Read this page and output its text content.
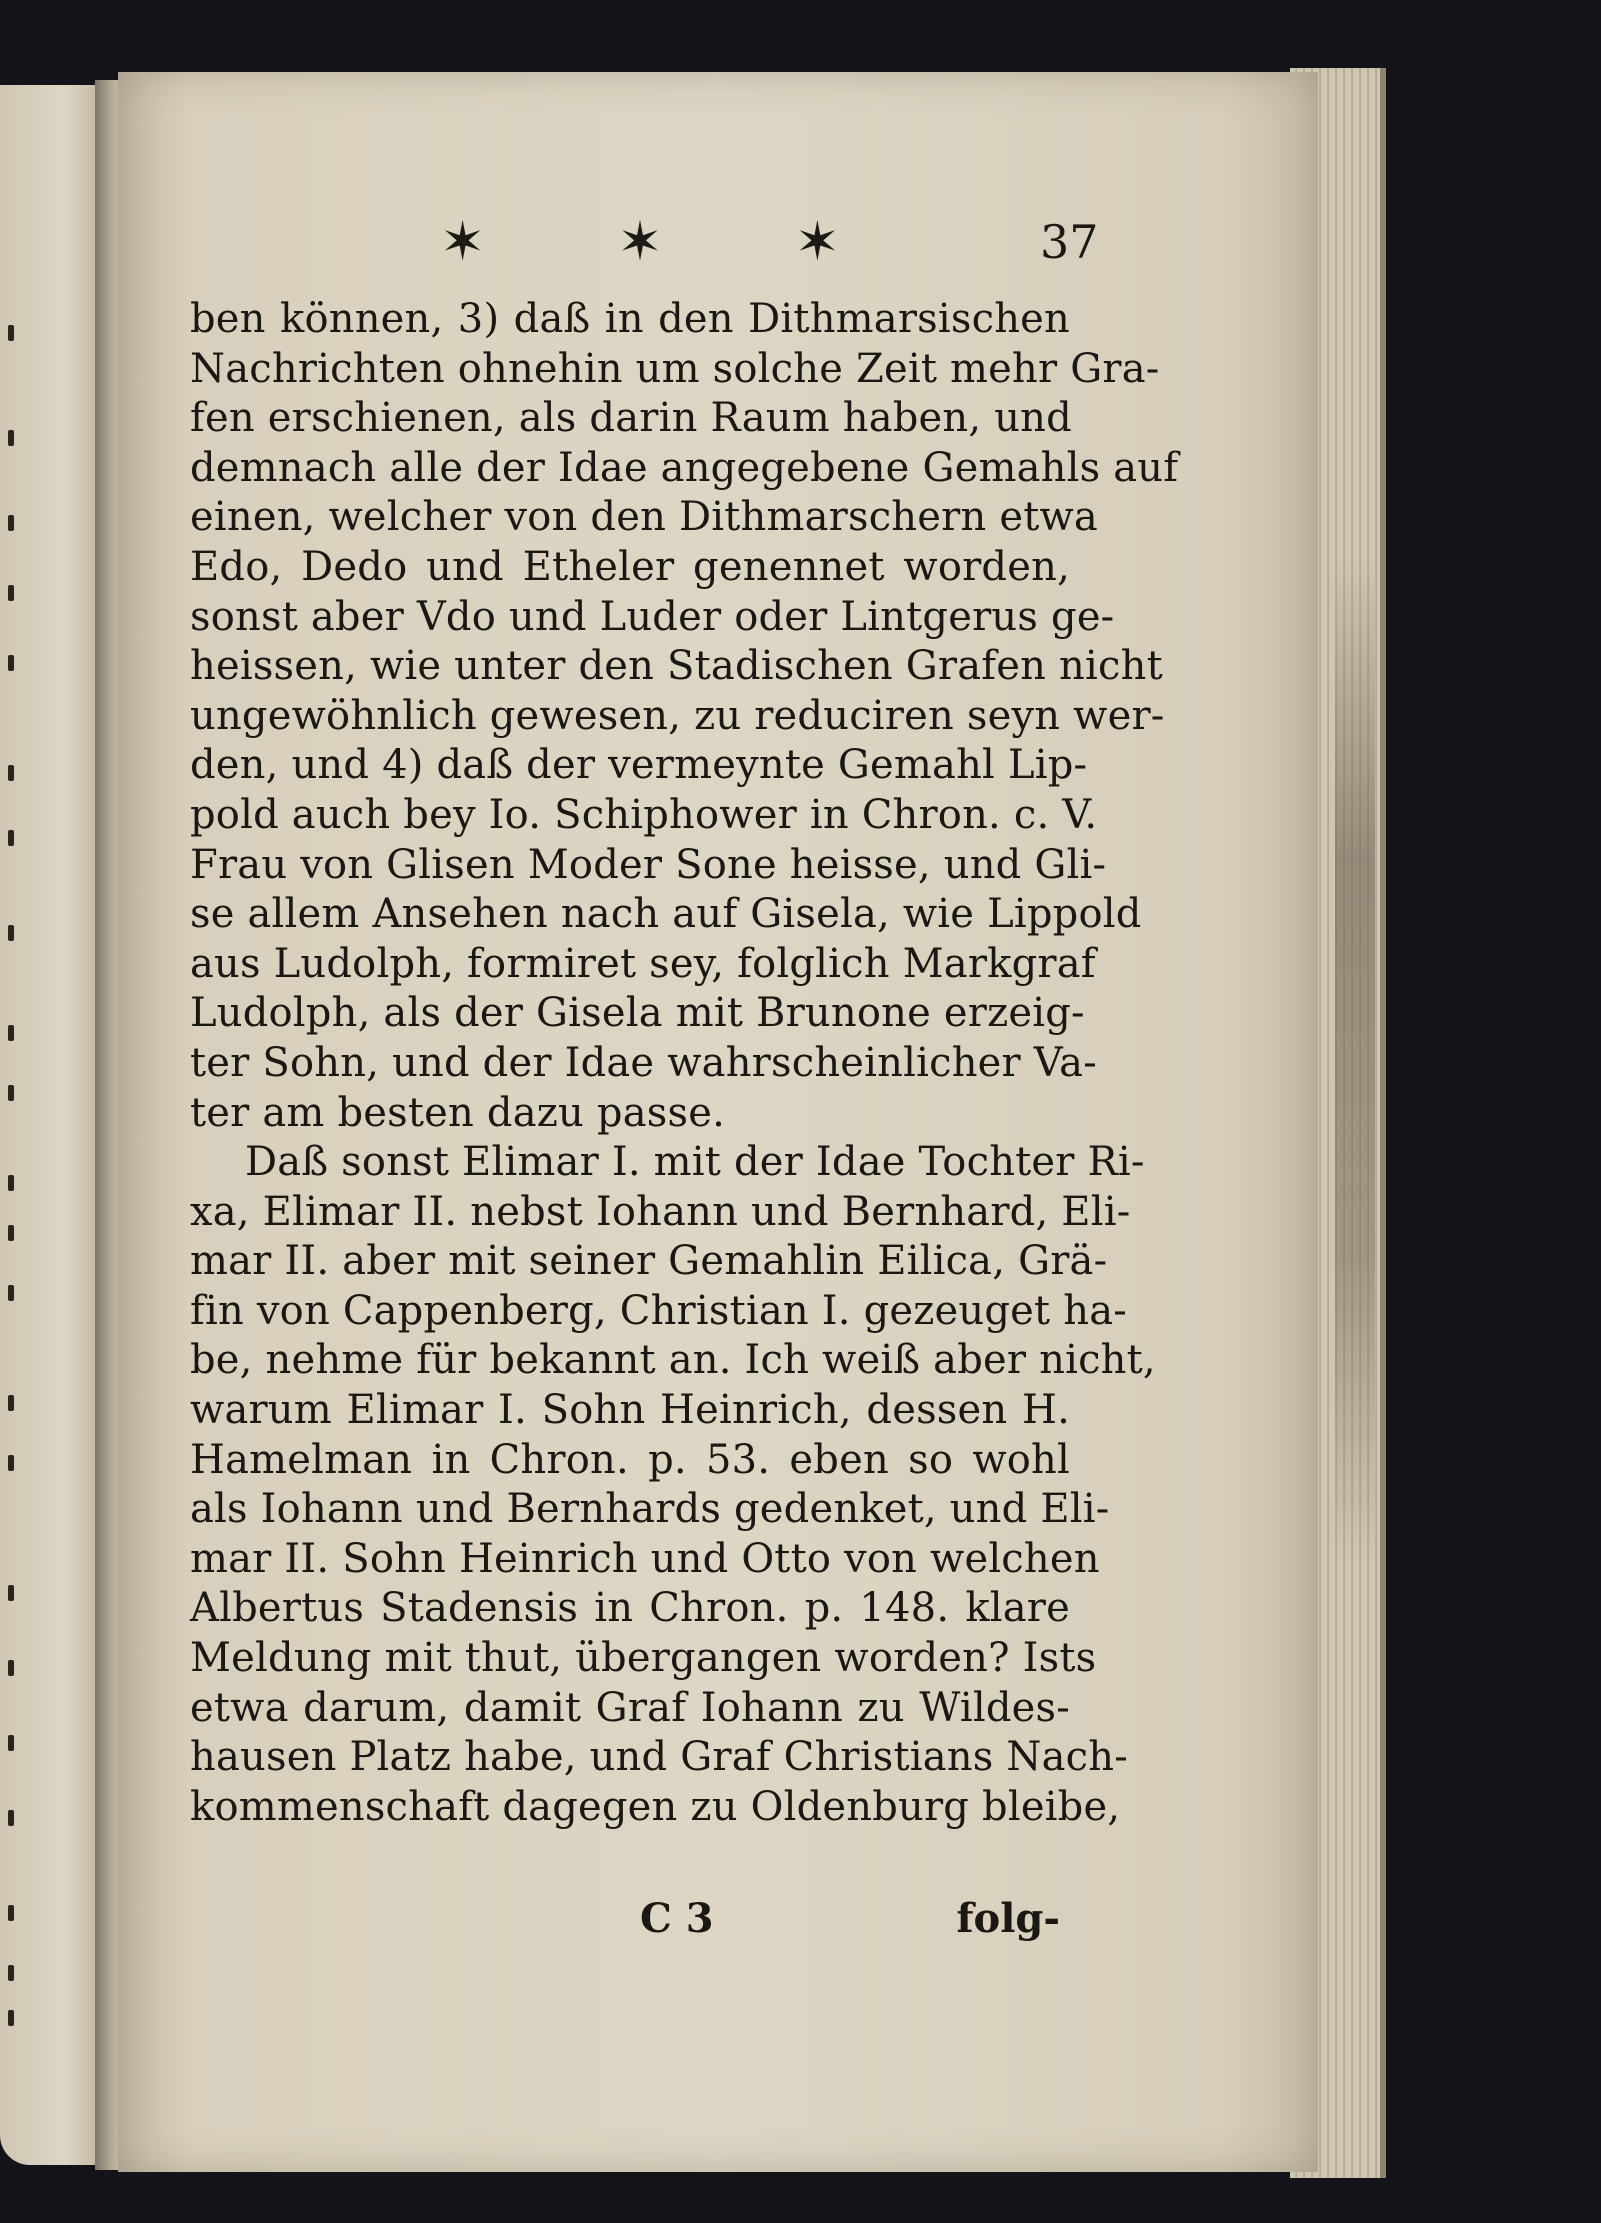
✶ ✶ ✶	37
ben können, 3) daß in den Dithmarsischen
Nachrichten ohnehin um solche Zeit mehr Gra-
fen erschienen, als darin Raum haben, und
demnach alle der Idae angegebene Gemahls auf
einen, welcher von den Dithmarschern etwa
Edo, Dedo und Etheler genennet worden,
sonst aber Vdo und Luder oder Lintgerus ge-
heissen, wie unter den Stadischen Grafen nicht
ungewöhnlich gewesen, zu reduciren seyn wer-
den, und 4) daß der vermeynte Gemahl Lip-
pold auch bey Io. Schiphower in Chron. c. V.
Frau von Glisen Moder Sone heisse, und Gli-
se allem Ansehen nach auf Gisela, wie Lippold
aus Ludolph, formiret sey, folglich Markgraf
Ludolph, als der Gisela mit Brunone erzeig-
ter Sohn, und der Idae wahrscheinlicher Va-
ter am besten dazu passe.
Daß sonst Elimar I. mit der Idae Tochter Ri-
xa, Elimar II. nebst Iohann und Bernhard, Eli-
mar II. aber mit seiner Gemahlin Eilica, Grä-
fin von Cappenberg, Christian I. gezeuget ha-
be, nehme für bekannt an. Ich weiß aber nicht,
warum Elimar I. Sohn Heinrich, dessen H.
Hamelman in Chron. p. 53. eben so wohl
als Iohann und Bernhards gedenket, und Eli-
mar II. Sohn Heinrich und Otto von welchen
Albertus Stadensis in Chron. p. 148. klare
Meldung mit thut, übergangen worden? Ists
etwa darum, damit Graf Iohann zu Wildes-
hausen Platz habe, und Graf Christians Nach-
kommenschaft dagegen zu Oldenburg bleibe,
C 3	folg-
